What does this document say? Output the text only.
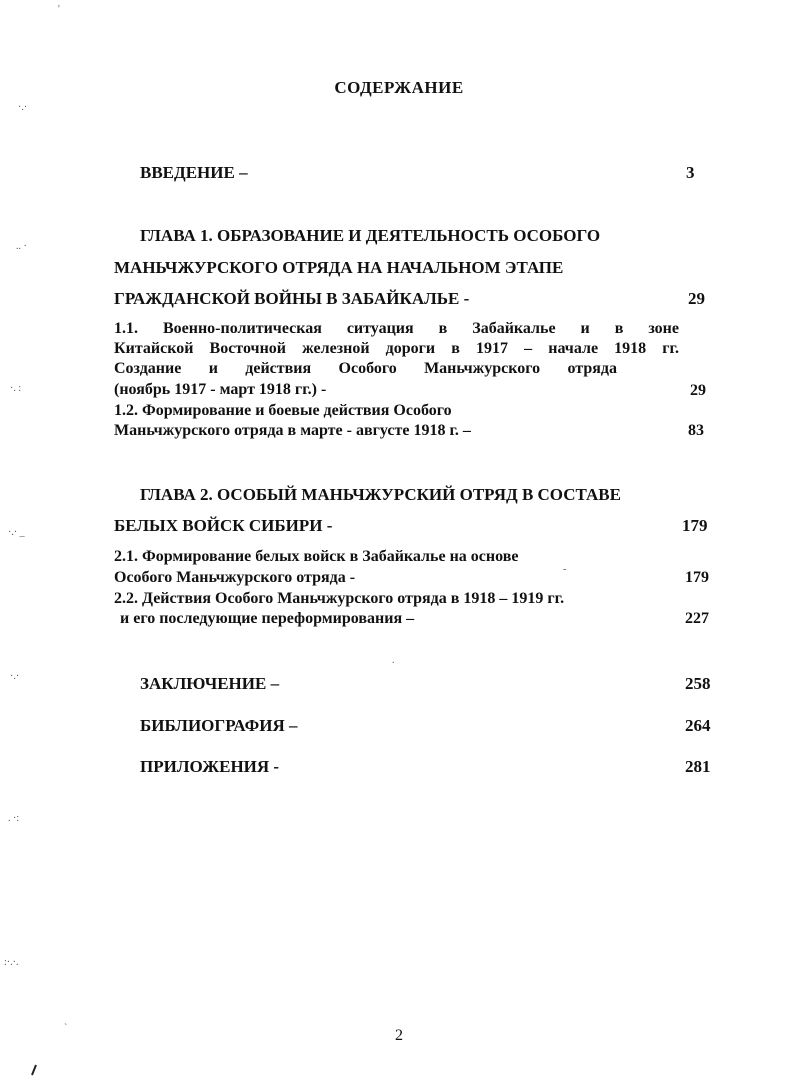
СОДЕРЖАНИЕ
ВВЕДЕНИЕ –	3
ГЛАВА 1. ОБРАЗОВАНИЕ И ДЕЯТЕЛЬНОСТЬ ОСОБОГО
МАНЬЧЖУРСКОГО ОТРЯДА НА НАЧАЛЬНОМ ЭТАПЕ
ГРАЖДАНСКОЙ ВОЙНЫ В ЗАБАЙКАЛЬЕ -	29
1.1. Военно-политическая ситуация в Забайкалье и в зоне
Китайской Восточной железной дороги в 1917 – начале 1918 гг.
Создание и действия Особого Маньчжурского отряда
(ноябрь 1917 - март 1918 гг.) -	29
1.2. Формирование и боевые действия Особого
Маньчжурского отряда в марте - августе 1918 г. –	83
ГЛАВА 2. ОСОБЫЙ МАНЬЧЖУРСКИЙ ОТРЯД В СОСТАВЕ
БЕЛЫХ ВОЙСК СИБИРИ -	179
2.1. Формирование белых войск в Забайкалье на основе
Особого Маньчжурского отряда -	179
2.2. Действия Особого Маньчжурского отряда в 1918 – 1919 гг.
и его последующие переформирования –	227
ЗАКЛЮЧЕНИЕ –	258
БИБЛИОГРАФИЯ –	264
ПРИЛОЖЕНИЯ -	281
2
'
·.·
.. ·
·. :
·.· _
·.·
. ·:
:·.·.
`
.
-
